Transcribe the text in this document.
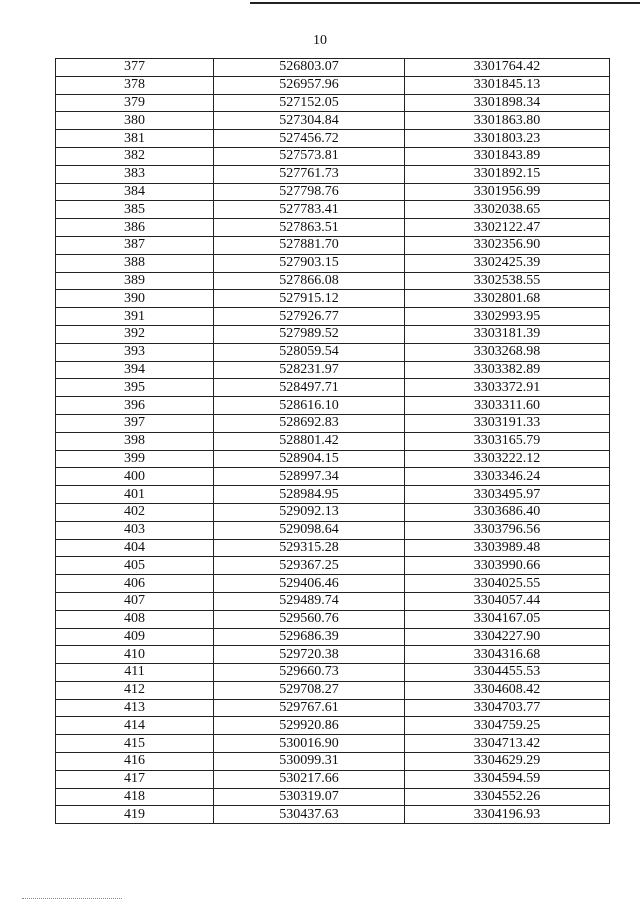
10
377	526803.07	3301764.42
378	526957.96	3301845.13
379	527152.05	3301898.34
380	527304.84	3301863.80
381	527456.72	3301803.23
382	527573.81	3301843.89
383	527761.73	3301892.15
384	527798.76	3301956.99
385	527783.41	3302038.65
386	527863.51	3302122.47
387	527881.70	3302356.90
388	527903.15	3302425.39
389	527866.08	3302538.55
390	527915.12	3302801.68
391	527926.77	3302993.95
392	527989.52	3303181.39
393	528059.54	3303268.98
394	528231.97	3303382.89
395	528497.71	3303372.91
396	528616.10	3303311.60
397	528692.83	3303191.33
398	528801.42	3303165.79
399	528904.15	3303222.12
400	528997.34	3303346.24
401	528984.95	3303495.97
402	529092.13	3303686.40
403	529098.64	3303796.56
404	529315.28	3303989.48
405	529367.25	3303990.66
406	529406.46	3304025.55
407	529489.74	3304057.44
408	529560.76	3304167.05
409	529686.39	3304227.90
410	529720.38	3304316.68
411	529660.73	3304455.53
412	529708.27	3304608.42
413	529767.61	3304703.77
414	529920.86	3304759.25
415	530016.90	3304713.42
416	530099.31	3304629.29
417	530217.66	3304594.59
418	530319.07	3304552.26
419	530437.63	3304196.93
